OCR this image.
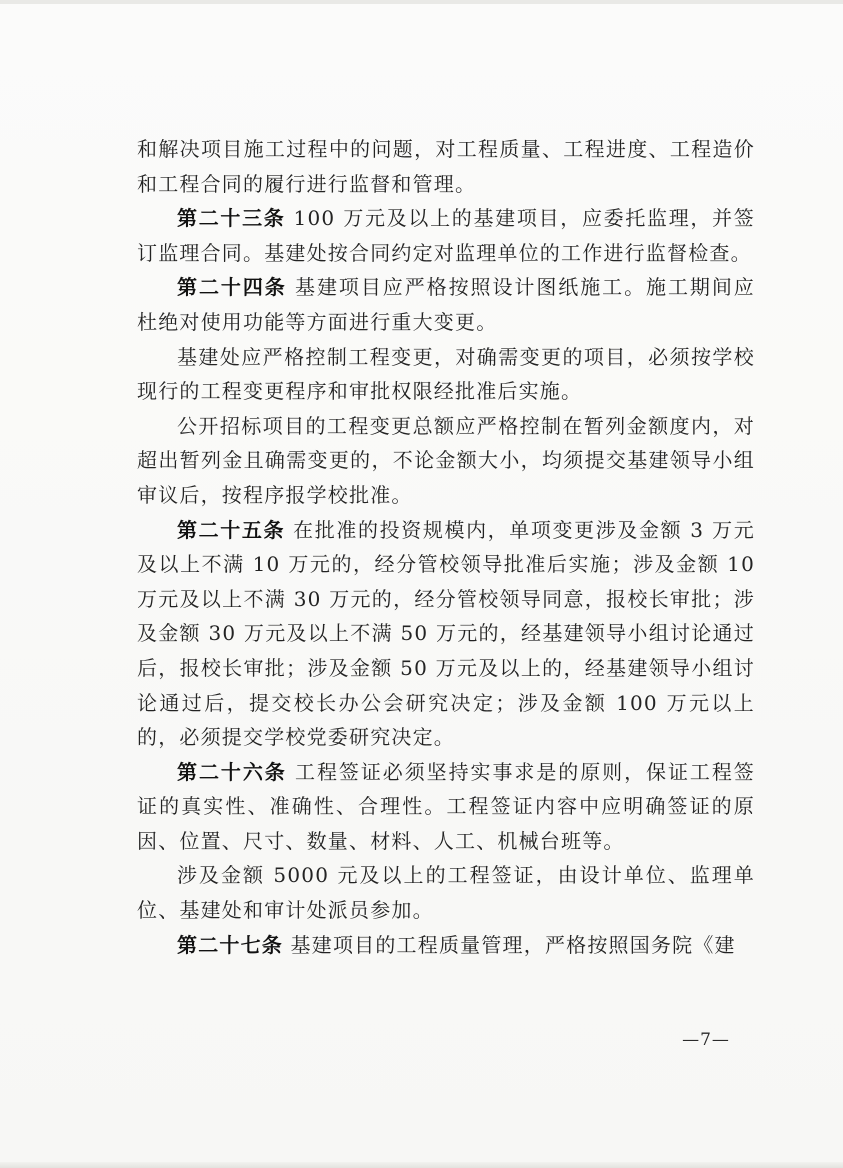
和解决项目施工过程中的问题，对工程质量、工程进度、工程造价和工程合同的履行进行监督和管理。

第二十三条 100 万元及以上的基建项目，应委托监理，并签订监理合同。基建处按合同约定对监理单位的工作进行监督检查。

第二十四条 基建项目应严格按照设计图纸施工。施工期间应杜绝对使用功能等方面进行重大变更。

基建处应严格控制工程变更，对确需变更的项目，必须按学校现行的工程变更程序和审批权限经批准后实施。

公开招标项目的工程变更总额应严格控制在暂列金额度内，对超出暂列金且确需变更的，不论金额大小，均须提交基建领导小组审议后，按程序报学校批准。

第二十五条 在批准的投资规模内，单项变更涉及金额 3 万元及以上不满 10 万元的，经分管校领导批准后实施；涉及金额 10 万元及以上不满 30 万元的，经分管校领导同意，报校长审批；涉及金额 30 万元及以上不满 50 万元的，经基建领导小组讨论通过后，报校长审批；涉及金额 50 万元及以上的，经基建领导小组讨论通过后，提交校长办公会研究决定；涉及金额 100 万元以上的，必须提交学校党委研究决定。

第二十六条 工程签证必须坚持实事求是的原则，保证工程签证的真实性、准确性、合理性。工程签证内容中应明确签证的原因、位置、尺寸、数量、材料、人工、机械台班等。

涉及金额 5000 元及以上的工程签证，由设计单位、监理单位、基建处和审计处派员参加。

第二十七条 基建项目的工程质量管理，严格按照国务院《建

—7—
